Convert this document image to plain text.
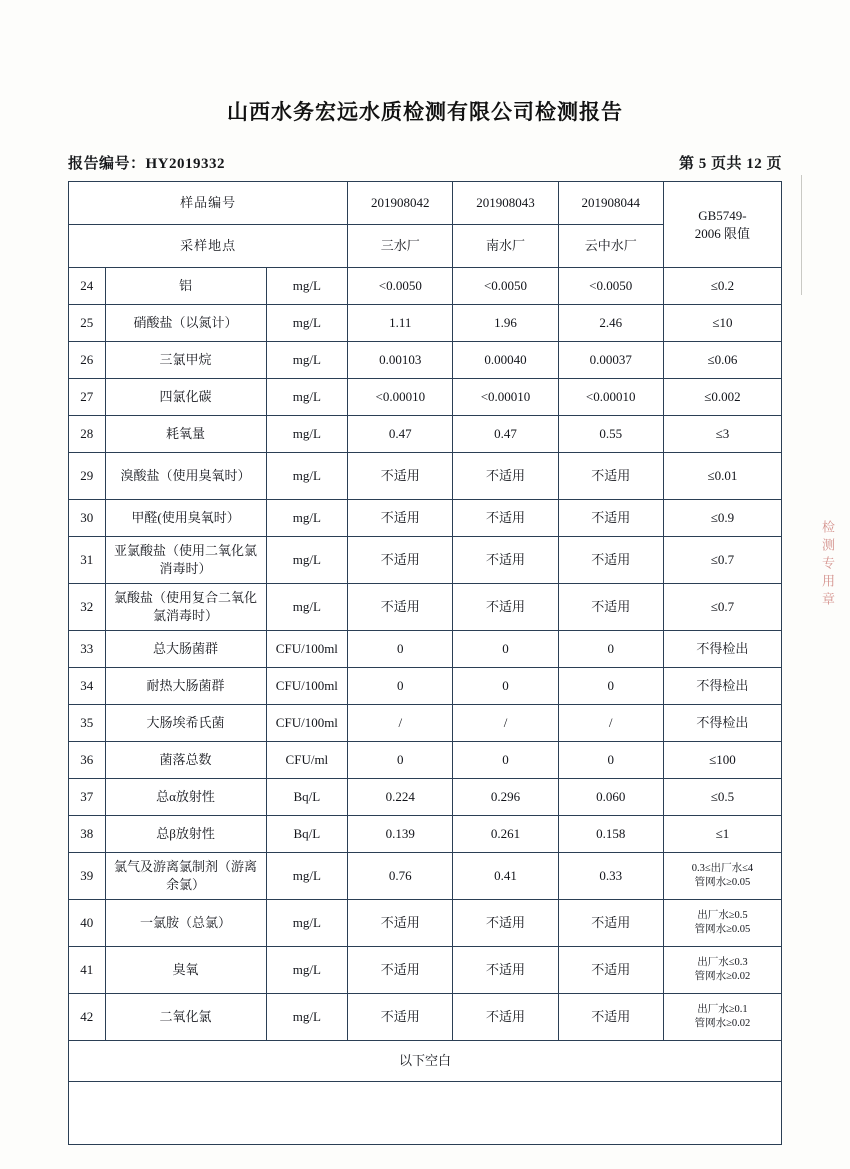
山西水务宏远水质检测有限公司检测报告
报告编号：HY2019332	第 5 页共 12 页
样品编号			201908042	201908043	201908044	GB5749-
2006 限值

采样地点			三水厂	南水厂	云中水厂	
24	铝	mg/L	<0.0050	<0.0050	<0.0050	≤0.2
25	硝酸盐（以氮计）	mg/L	1.11	1.96	2.46	≤10
26	三氯甲烷	mg/L	0.00103	0.00040	0.00037	≤0.06
27	四氯化碳	mg/L	<0.00010	<0.00010	<0.00010	≤0.002
28	耗氧量	mg/L	0.47	0.47	0.55	≤3
29	溴酸盐（使用臭氧时）	mg/L	不适用	不适用	不适用	≤0.01
30	甲醛(使用臭氧时）	mg/L	不适用	不适用	不适用	≤0.9
31	亚氯酸盐（使用二氧化氯消毒时）	mg/L	不适用	不适用	不适用	≤0.7
32	氯酸盐（使用复合二氧化氯消毒时）	mg/L	不适用	不适用	不适用	≤0.7
33	总大肠菌群	CFU/100ml	0	0	0	不得检出
34	耐热大肠菌群	CFU/100ml	0	0	0	不得检出
35	大肠埃希氏菌	CFU/100ml	/	/	/	不得检出
36	菌落总数	CFU/ml	0	0	0	≤100
37	总α放射性	Bq/L	0.224	0.296	0.060	≤0.5
38	总β放射性	Bq/L	0.139	0.261	0.158	≤1
39	氯气及游离氯制剂（游离余氯）	mg/L	0.76	0.41	0.33	0.3≤出厂水≤4
管网水≥0.05

40	一氯胺（总氯）	mg/L	不适用	不适用	不适用	出厂水≥0.5
管网水≥0.05

41	臭氧	mg/L	不适用	不适用	不适用	出厂水≤0.3
管网水≥0.02

42	二氧化氯	mg/L	不适用	不适用	不适用	出厂水≥0.1
管网水≥0.02

以下空白						

检测专用章
